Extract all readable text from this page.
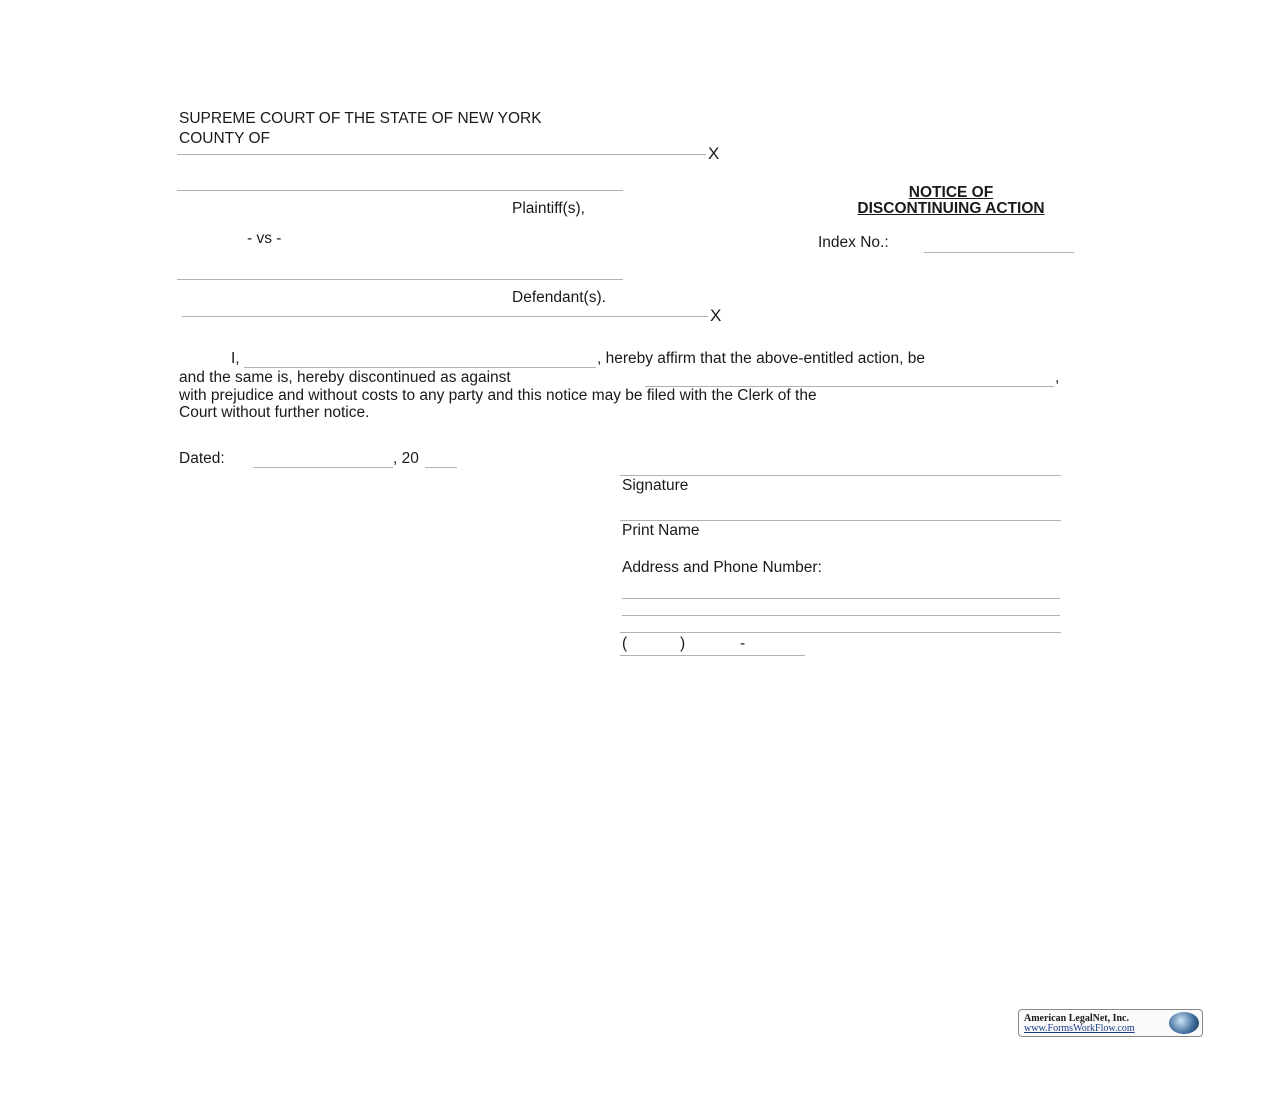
SUPREME COURT OF THE STATE OF NEW YORK
COUNTY OF
X
Plaintiff(s),
- vs -
Defendant(s).
X
NOTICE OF
DISCONTINUING ACTION
Index No.:
I,	, hereby affirm that the above-entitled action, be
and the same is, hereby discontinued as against	,
with prejudice and without costs to any party and this notice may be filed with the Clerk of the
Court without further notice.
Dated:	, 20
Signature
Print Name
Address and Phone Number:
(	)	-
American LegalNet, Inc.
www.FormsWorkFlow.com
